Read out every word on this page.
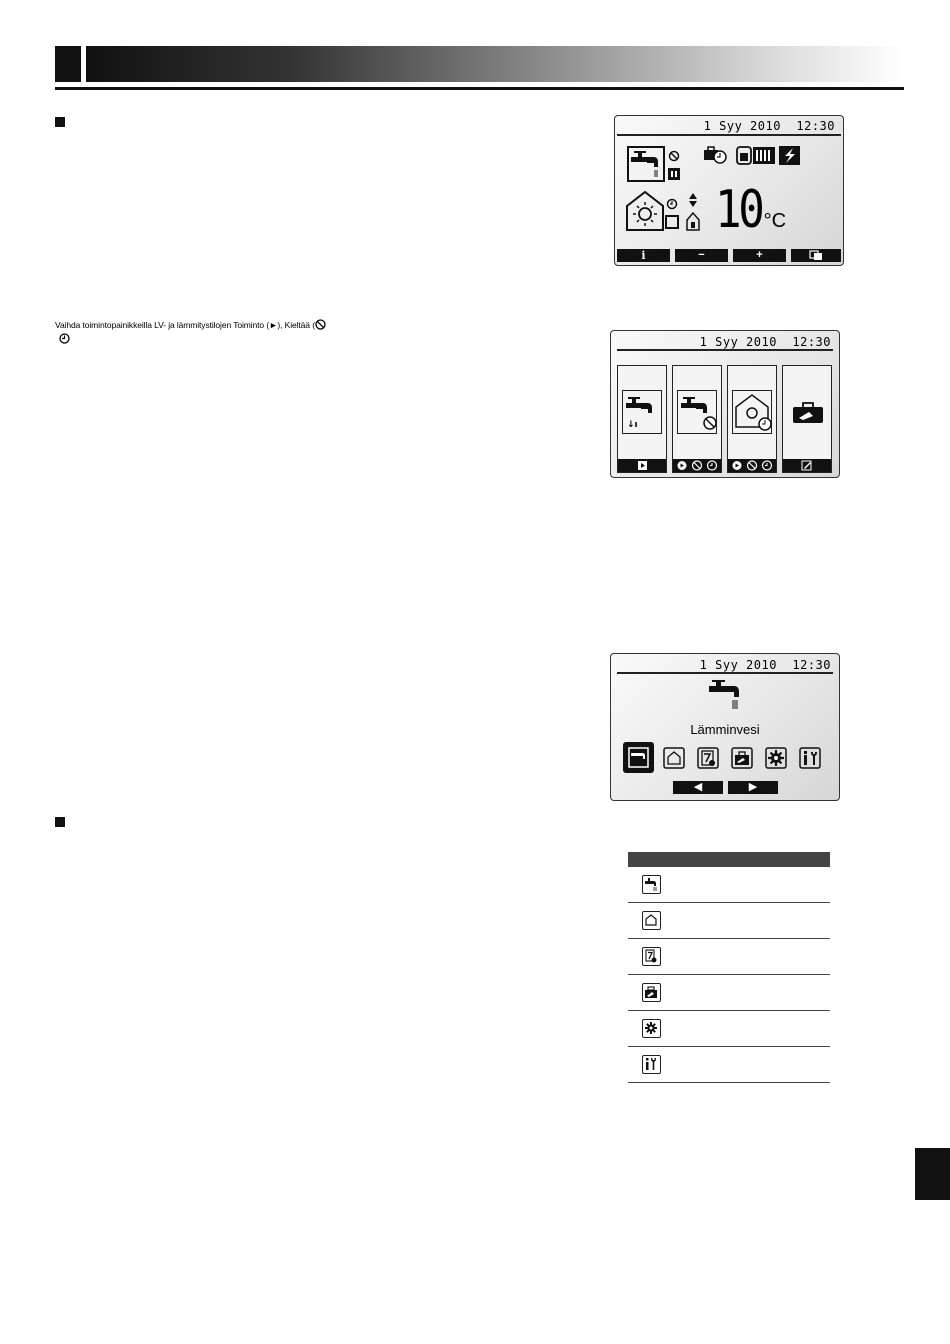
Vaihda toimintopainikkeilla LV- ja lämmitystilojen Toiminto (►), Kieltää (

1 Syy 2010 12:30
10 °C
i	−	+
1 Syy 2010 12:30
↓ı
1 Syy 2010 12:30
Lämminvesi
◀	▶
